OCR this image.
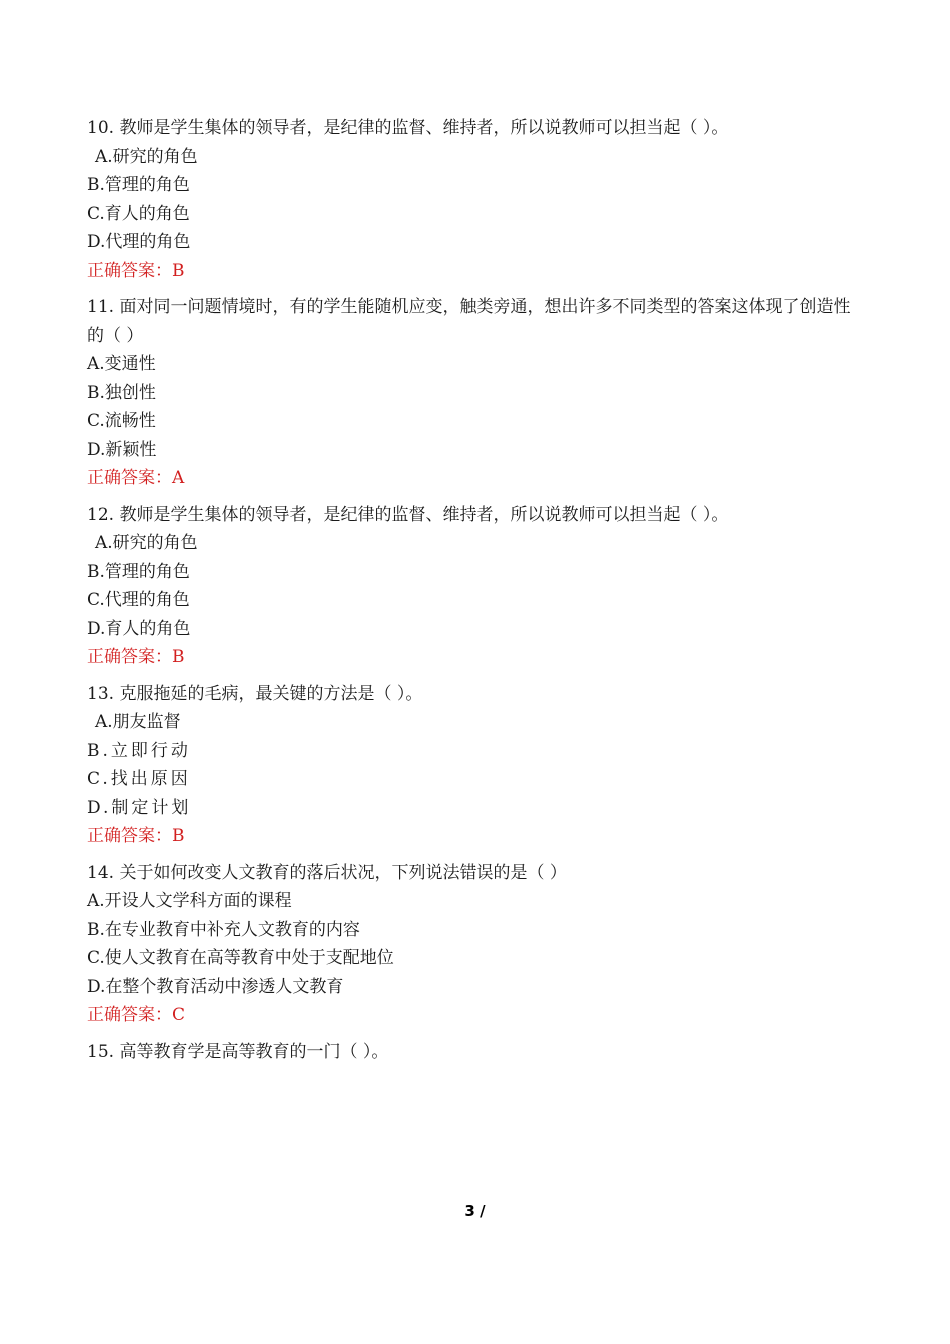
10. 教师是学生集体的领导者，是纪律的监督、维持者，所以说教师可以担当起（ ）。

A.研究的角色

B.管理的角色

C.育人的角色

D.代理的角色

正确答案：B

11. 面对同一问题情境时，有的学生能随机应变，触类旁通，想出许多不同类型的答案这体现了创造性的（ ）

A.变通性

B.独创性

C.流畅性

D.新颖性

正确答案：A

12. 教师是学生集体的领导者，是纪律的监督、维持者，所以说教师可以担当起（ ）。

A.研究的角色

B.管理的角色

C.代理的角色

D.育人的角色

正确答案：B

13. 克服拖延的毛病，最关键的方法是（ ）。

A.朋友监督

B.立即行动

C.找出原因

D.制定计划

正确答案：B

14. 关于如何改变人文教育的落后状况，下列说法错误的是（ ）

A.开设人文学科方面的课程

B.在专业教育中补充人文教育的内容

C.使人文教育在高等教育中处于支配地位

D.在整个教育活动中渗透人文教育

正确答案：C

15. 高等教育学是高等教育的一门（ ）。

3 /
